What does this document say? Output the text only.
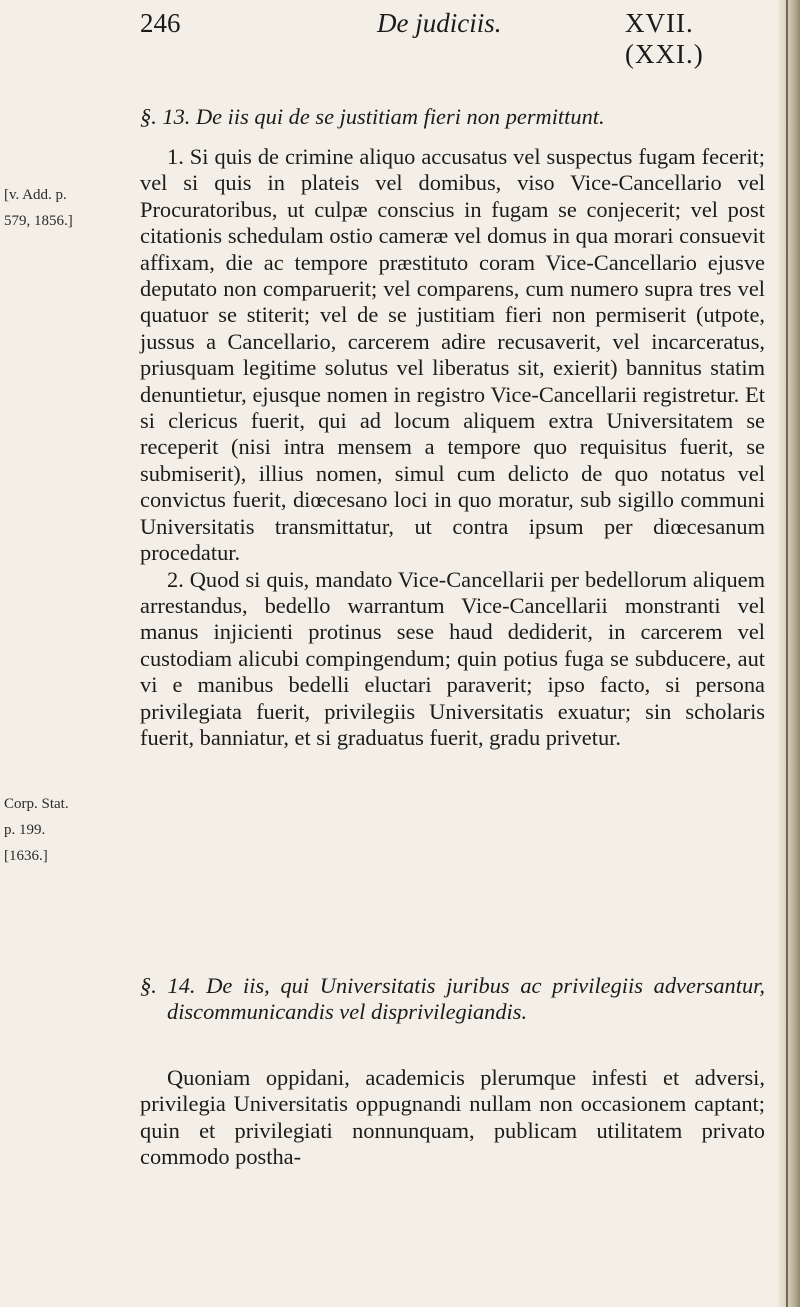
246	De judiciis.	XVII. (XXI.)
[v. Add. p.
579, 1856.]
Corp. Stat.
p. 199.
[1636.]

§. 13. De iis qui de se justitiam fieri non permittunt.

1. Si quis de crimine aliquo accusatus vel suspectus fugam fecerit; vel si quis in plateis vel domibus, viso Vice-Cancellario vel Procuratoribus, ut culpæ conscius in fugam se conjecerit; vel post citationis schedulam ostio cameræ vel domus in qua morari consuevit affixam, die ac tempore præstituto coram Vice-Cancellario ejusve deputato non comparuerit; vel comparens, cum numero supra tres vel quatuor se stiterit; vel de se justitiam fieri non permiserit (utpote, jussus a Cancellario, carcerem adire recusaverit, vel incarceratus, priusquam legitime solutus vel liberatus sit, exierit) bannitus statim denuntietur, ejusque nomen in registro Vice-Cancellarii registretur. Et si clericus fuerit, qui ad locum aliquem extra Universitatem se receperit (nisi intra mensem a tempore quo requisitus fuerit, se submiserit), illius nomen, simul cum delicto de quo notatus vel convictus fuerit, diœcesano loci in quo moratur, sub sigillo communi Universitatis transmittatur, ut contra ipsum per diœcesanum procedatur.

2. Quod si quis, mandato Vice-Cancellarii per bedellorum aliquem arrestandus, bedello warrantum Vice-Cancellarii monstranti vel manus injicienti protinus sese haud dediderit, in carcerem vel custodiam alicubi compingendum; quin potius fuga se subducere, aut vi e manibus bedelli eluctari paraverit; ipso facto, si persona privilegiata fuerit, privilegiis Universitatis exuatur; sin scholaris fuerit, banniatur, et si graduatus fuerit, gradu privetur.

§. 14. De iis, qui Universitatis juribus ac privilegiis adversantur, discommunicandis vel disprivilegiandis.

Quoniam oppidani, academicis plerumque infesti et adversi, privilegia Universitatis oppugnandi nullam non occasionem captant; quin et privilegiati nonnunquam, publicam utilitatem privato commodo postha-
